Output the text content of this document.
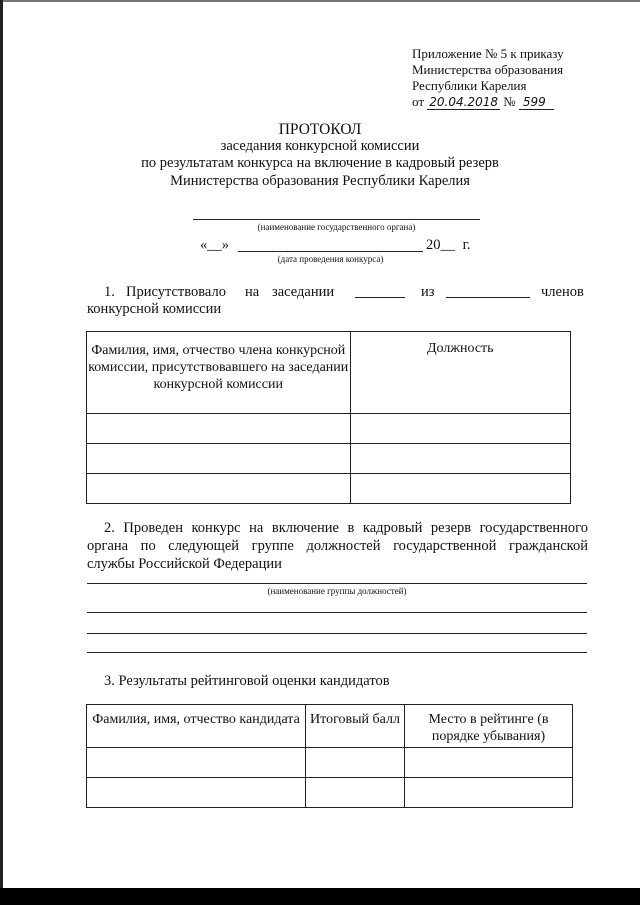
Приложение № 5 к приказу
Министерства образования
Республики Карелия
от 20.04.2018 № 599
ПРОТОКОЛ
заседания конкурсной комиссии
по результатам конкурса на включение в кадровый резерв
Министерства образования Республики Карелия
(наименование государственного органа)
«__»	20__ г.
(дата проведения конкурса)
1. Присутствовало на заседании	из	членов
конкурсной комиссии
Фамилия, имя, отчество члена конкурсной комиссии, присутствовавшего на заседании конкурсной комиссии	Должность

2. Проведен конкурс на включение в кадровый резерв государственного
органа по следующей группе должностей государственной гражданской
службы Российской Федерации
(наименование группы должностей)
3. Результаты рейтинговой оценки кандидатов
Фамилия, имя, отчество кандидата	Итоговый балл	Место в рейтинге (в порядке убывания)
